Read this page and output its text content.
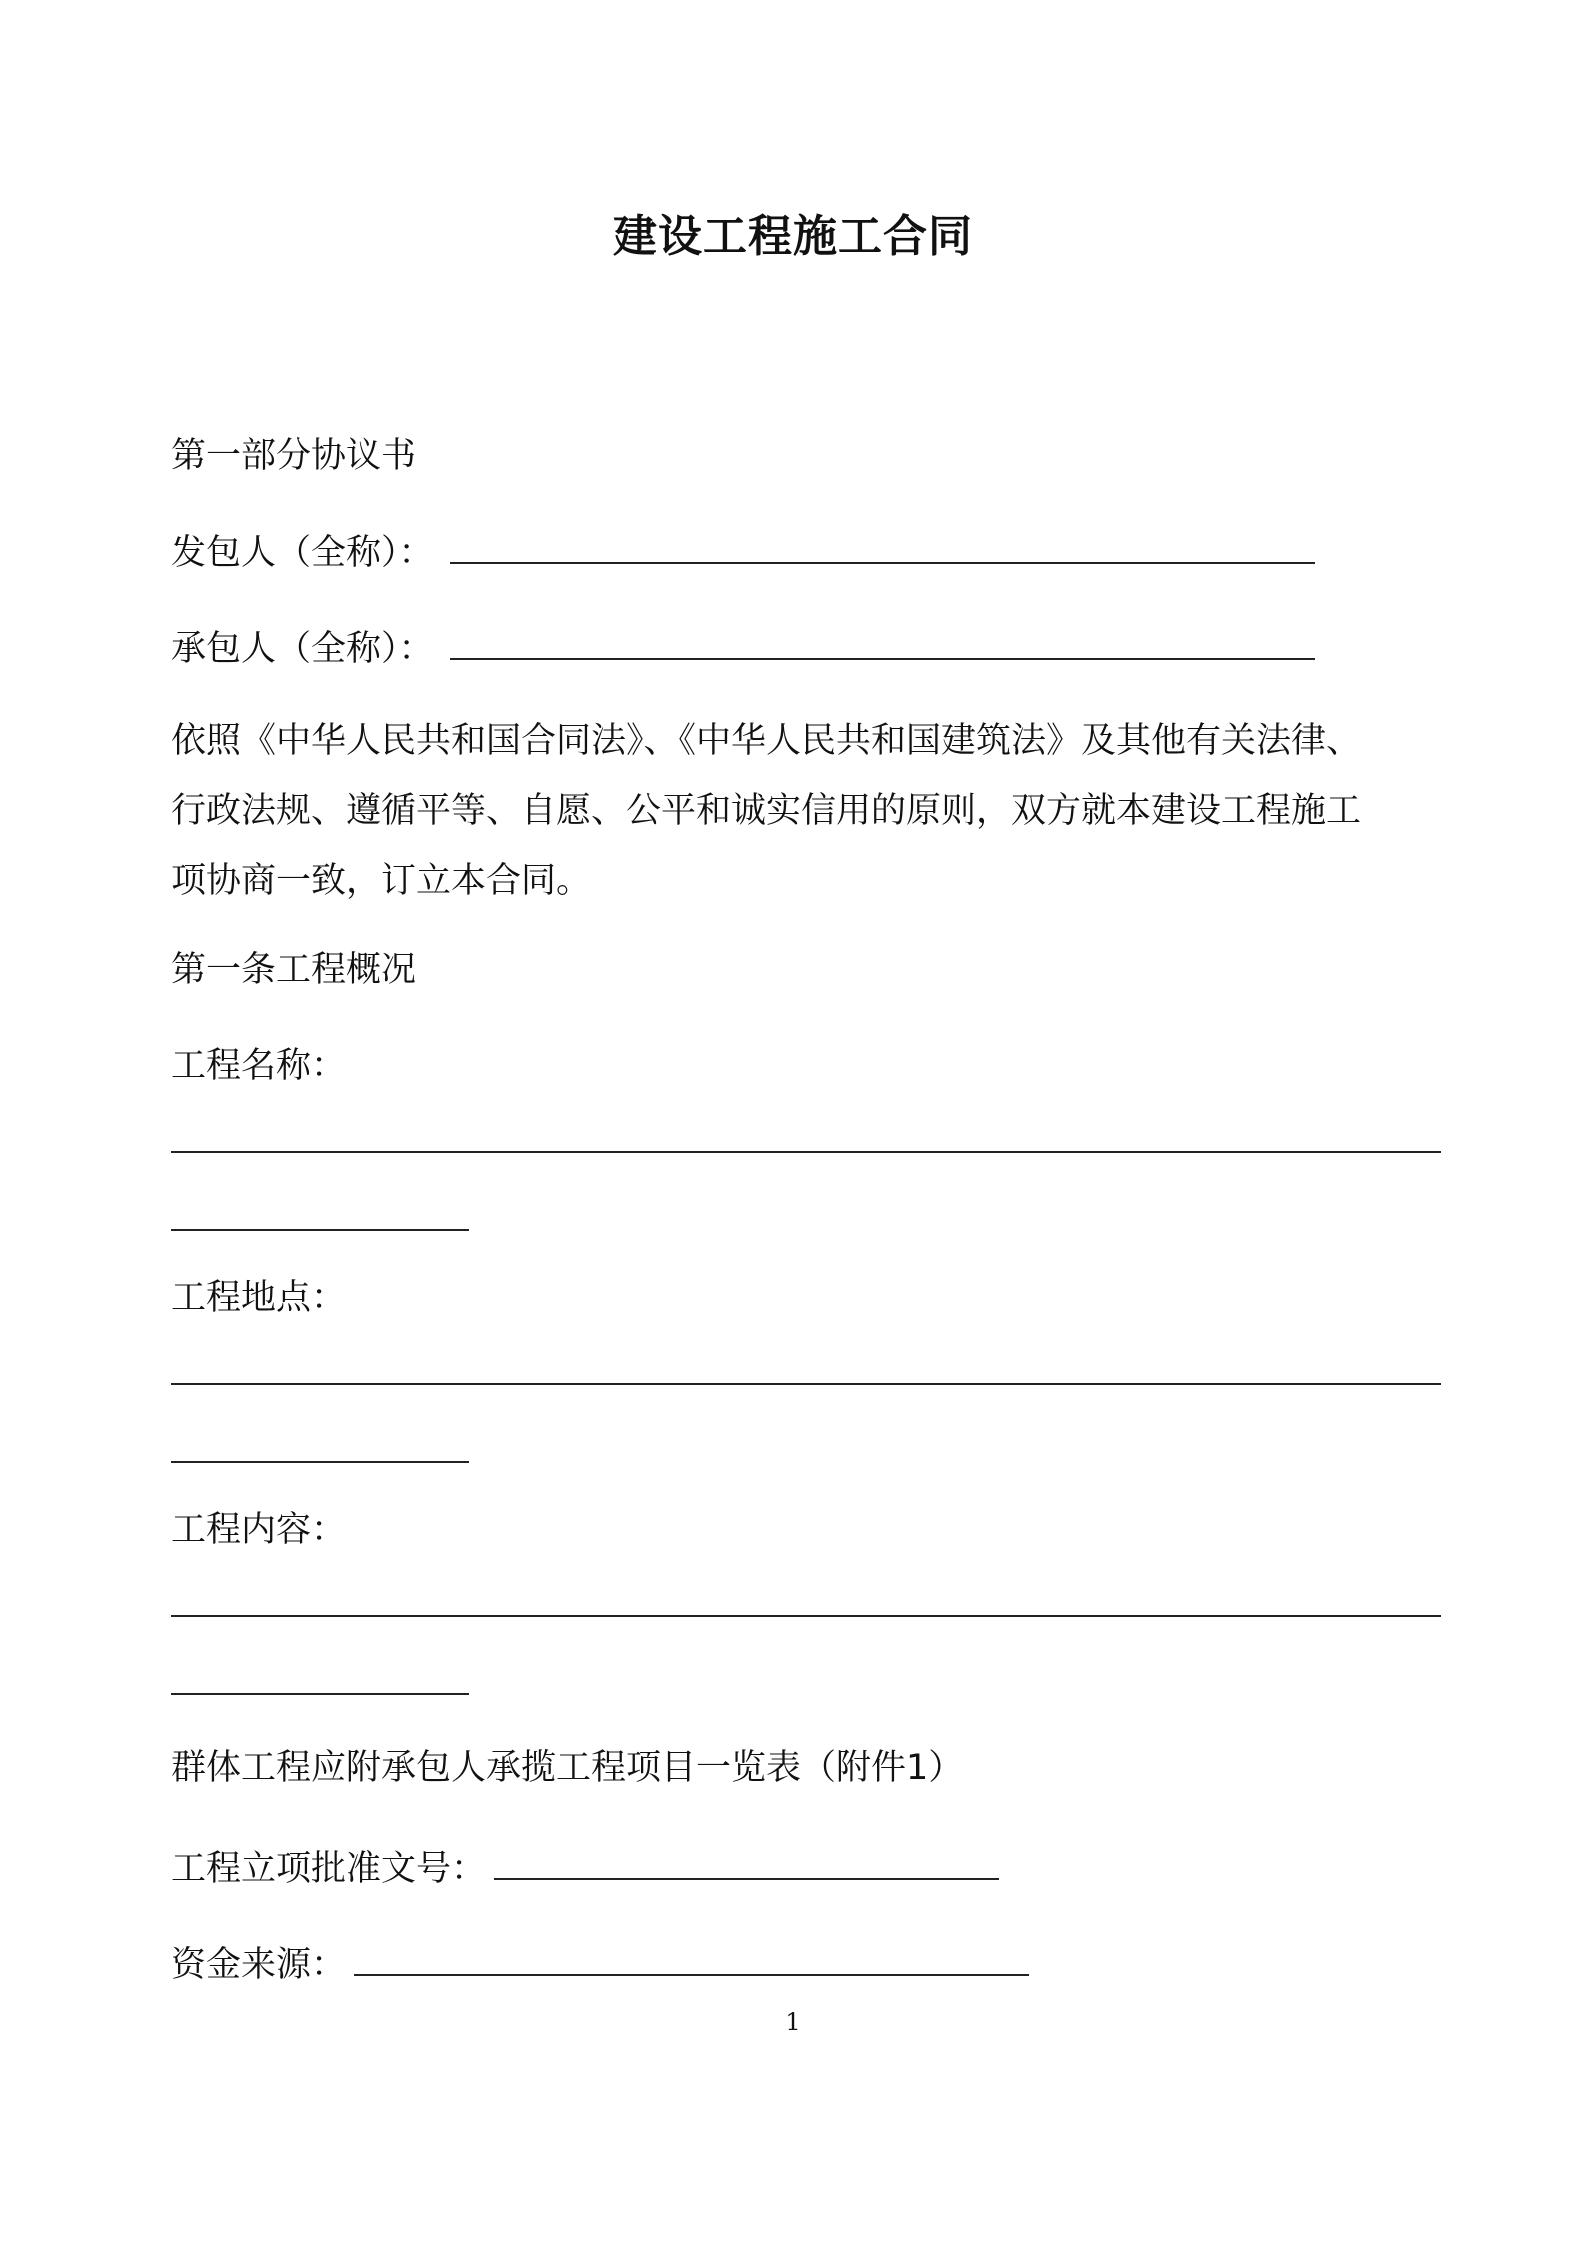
建设工程施工合同
第一部分协议书
发包人（全称）：
承包人（全称）：
依照《中华人民共和国合同法》、《中华人民共和国建筑法》及其他有关法律、
行政法规、遵循平等、自愿、公平和诚实信用的原则，双方就本建设工程施工
项协商一致，订立本合同。
第一条工程概况
工程名称：
工程地点：
工程内容：
群体工程应附承包人承揽工程项目一览表（附件1）
工程立项批准文号：
资金来源：
1
